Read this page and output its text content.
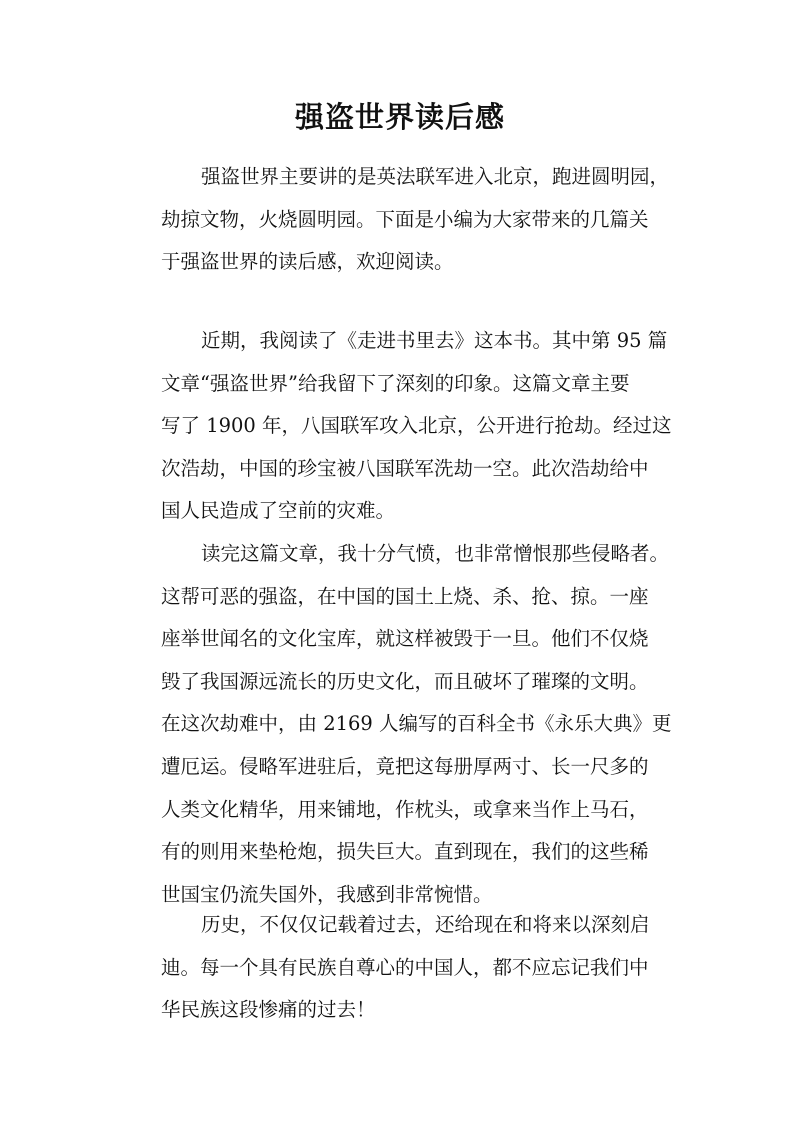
强盗世界读后感
强盗世界主要讲的是英法联军进入北京，跑进圆明园，
劫掠文物，火烧圆明园。下面是小编为大家带来的几篇关
于强盗世界的读后感，欢迎阅读。
近期，我阅读了《走进书里去》这本书。其中第 95 篇
文章“强盗世界”给我留下了深刻的印象。这篇文章主要
写了 1900 年，八国联军攻入北京，公开进行抢劫。经过这
次浩劫，中国的珍宝被八国联军洗劫一空。此次浩劫给中
国人民造成了空前的灾难。
读完这篇文章，我十分气愤，也非常憎恨那些侵略者。
这帮可恶的强盗，在中国的国土上烧、杀、抢、掠。一座
座举世闻名的文化宝库，就这样被毁于一旦。他们不仅烧
毁了我国源远流长的历史文化，而且破坏了璀璨的文明。
在这次劫难中，由 2169 人编写的百科全书《永乐大典》更
遭厄运。侵略军进驻后，竟把这每册厚两寸、长一尺多的
人类文化精华，用来铺地，作枕头，或拿来当作上马石，
有的则用来垫枪炮，损失巨大。直到现在，我们的这些稀
世国宝仍流失国外，我感到非常惋惜。
历史，不仅仅记载着过去，还给现在和将来以深刻启
迪。每一个具有民族自尊心的中国人，都不应忘记我们中
华民族这段惨痛的过去！
